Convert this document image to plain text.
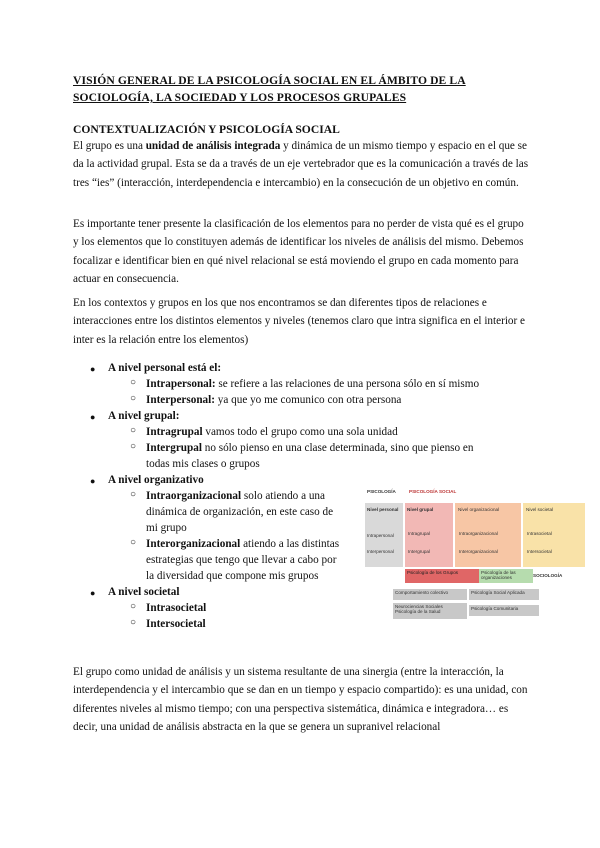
VISIÓN GENERAL DE LA PSICOLOGÍA SOCIAL EN EL ÁMBITO DE LA
SOCIOLOGÍA, LA SOCIEDAD Y LOS PROCESOS GRUPALES
CONTEXTUALIZACIÓN Y PSICOLOGÍA SOCIAL

El grupo es una unidad de análisis integrada y dinámica de un mismo tiempo y espacio en el que se da la actividad grupal. Esta se da a través de un eje vertebrador que es la comunicación a través de las tres “ies” (interacción, interdependencia e intercambio) en la consecución de un objetivo en común.

Es importante tener presente la clasificación de los elementos para no perder de vista qué es el grupo y los elementos que lo constituyen además de identificar los niveles de análisis del mismo. Debemos focalizar e identificar bien en qué nivel relacional se está moviendo el grupo en cada momento para actuar en consecuencia.

En los contextos y grupos en los que nos encontramos se dan diferentes tipos de relaciones e interacciones entre los distintos elementos y niveles (tenemos claro que intra significa en el interior e inter es la relación entre los elementos)

● A nivel personal está el:
○ Intrapersonal: se refiere a las relaciones de una persona sólo en sí mismo
○ Interpersonal: ya que yo me comunico con otra persona
● A nivel grupal:
○ Intragrupal vamos todo el grupo como una sola unidad
○ Intergrupal no sólo pienso en una clase determinada, sino que pienso en
todas mis clases o grupos
● A nivel organizativo
○ Intraorganizacional solo atiendo a una
dinámica de organización, en este caso de
mi grupo
○ Interorganizacional atiendo a las distintas
estrategias que tengo que llevar a cabo por
la diversidad que compone mis grupos
● A nivel societal
○ Intrasocietal
○ Intersocietal
PSICOLOGÍA	PSICOLOGÍA SOCIAL
Nivel personal
Intrapersonal
Interpersonal
Nivel grupal
Intragrupal
Intergrupal
Nivel organizacional
Intraorganizacional
Interorganizacional
Nivel societal
Intrasocietal
Intersocietal
Psicología de los Grupos	Psicología de las organizaciones	SOCIOLOGÍA
Comportamiento colectivo	Psicología Social Aplicada
Neurociencias Sociales Psicología de la Salud
Psicología Comunitaria

El grupo como unidad de análisis y un sistema resultante de una sinergia (entre la interacción, la interdependencia y el intercambio que se dan en un tiempo y espacio compartido): es una unidad, con diferentes niveles al mismo tiempo; con una perspectiva sistemática, dinámica e integradora… es decir, una unidad de análisis abstracta en la que se genera un supranivel relacional
